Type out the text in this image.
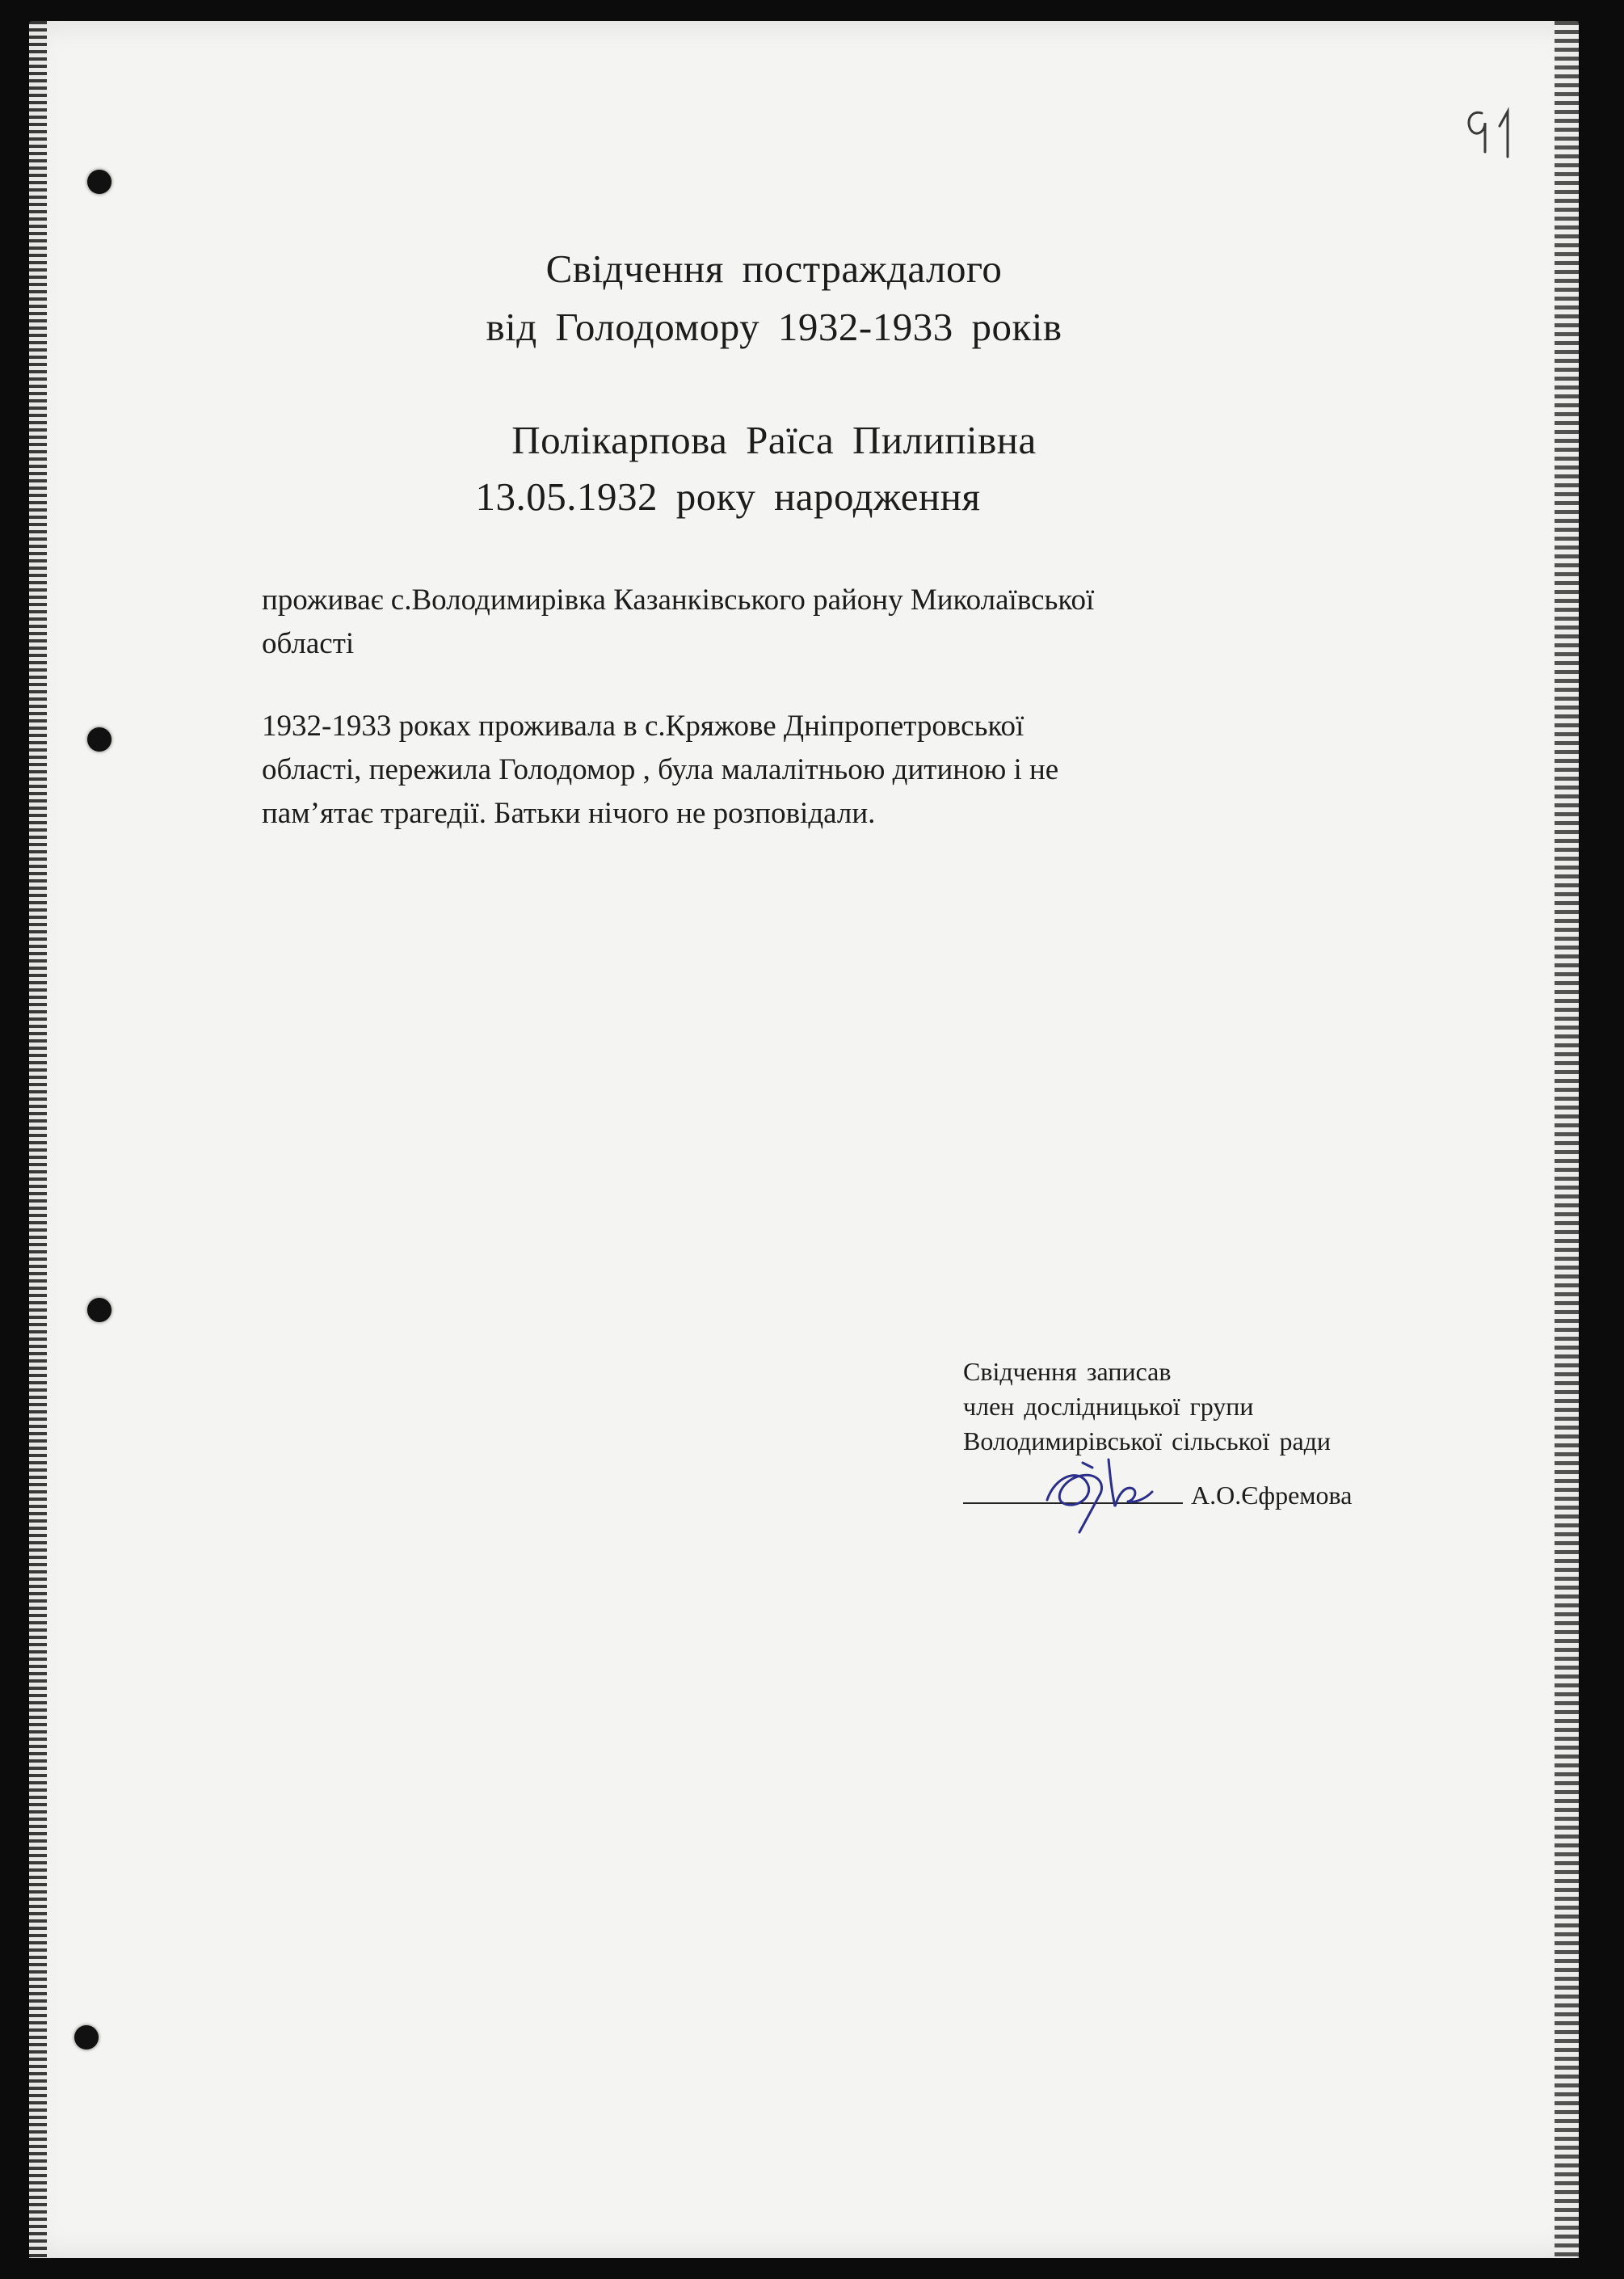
Свідчення постраждалого
від Голодомору 1932-1933 років
Полікарпова Раїса Пилипівна
13.05.1932 року народження

проживає с.Володимирівка Казанківського району Миколаївської

області

1932-1933 роках проживала в с.Кряжове Дніпропетровської

області, пережила Голодомор , була малалітньою дитиною і не

пам’ятає трагедії. Батьки нічого не розповідали.

Свідчення записав
член дослідницької групи
Володимирівської сільської ради
А.О.Єфремова
